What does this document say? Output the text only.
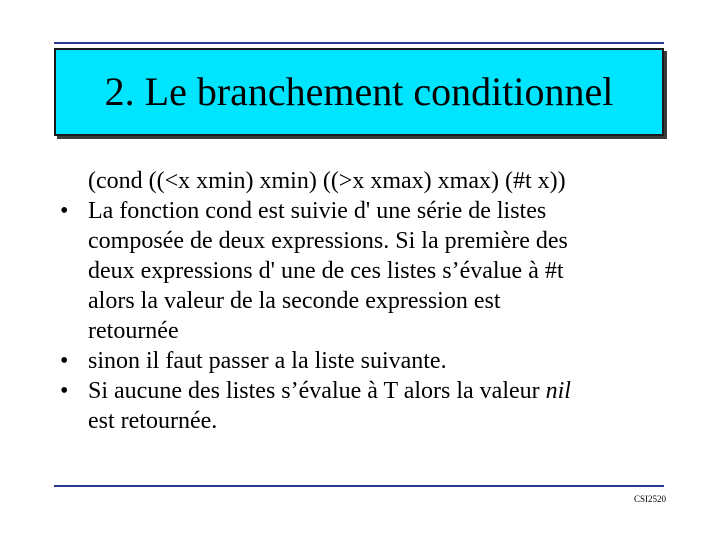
2. Le branchement conditionnel
(cond ((<x xmin) xmin) ((>x xmax) xmax) (#t x))
• La fonction cond est suivie d' une série de listes
composée de deux expressions. Si la première des
deux expressions d' une de ces listes s’évalue à #t
alors la valeur de la seconde expression est
retournée
• sinon il faut passer a la liste suivante.
• Si aucune des listes s’évalue à T alors la valeur nil
est retournée.
CSI2520
